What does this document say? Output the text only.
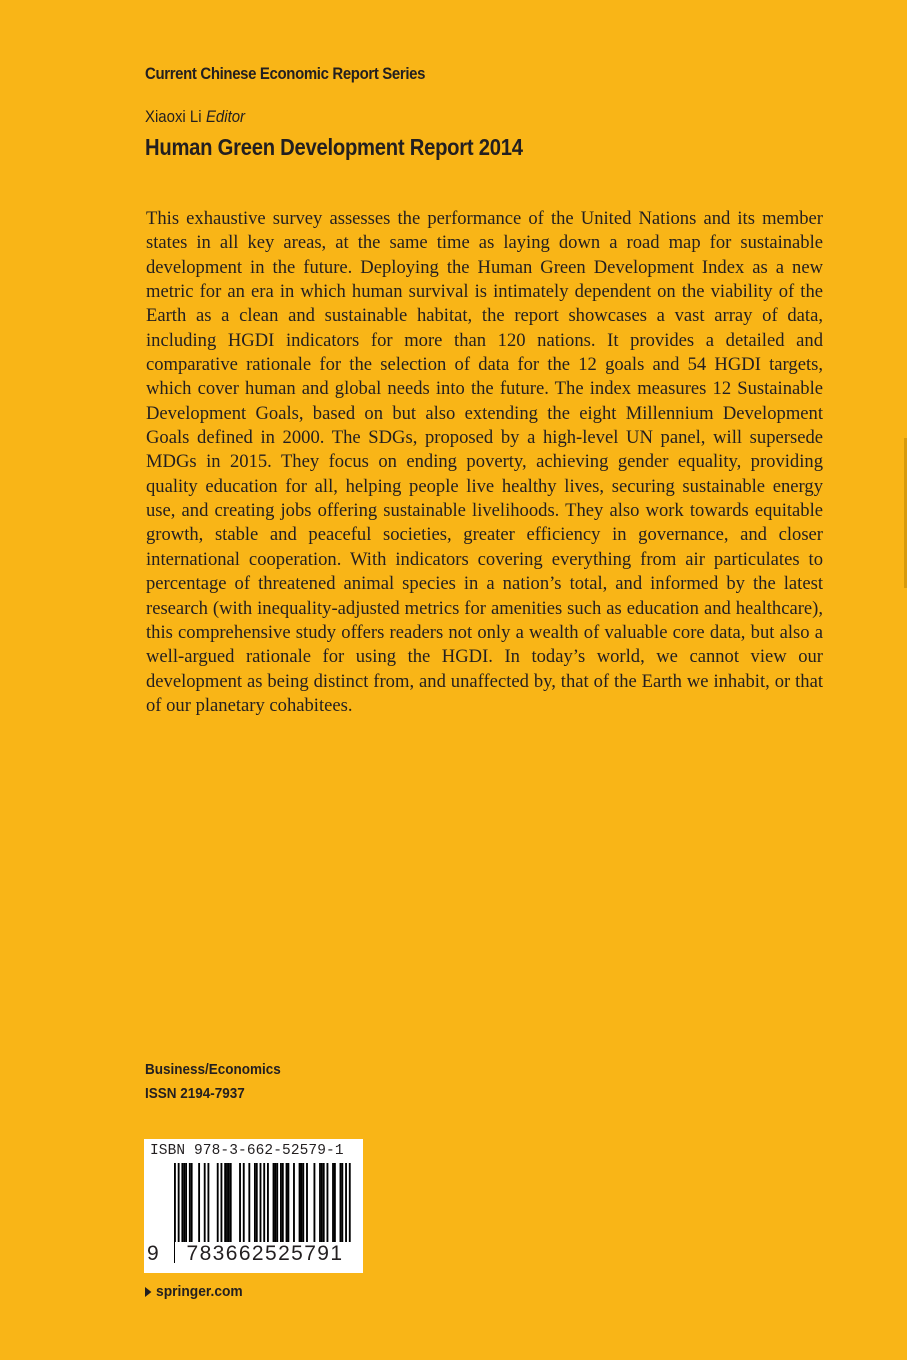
Current Chinese Economic Report Series
Xiaoxi Li Editor
Human Green Development Report 2014

This exhaustive survey assesses the performance of the United Nations and its member states in all key areas, at the same time as laying down a road map for sustainable development in the future. Deploying the Human Green Development Index as a new metric for an era in which human survival is intimately dependent on the viability of the Earth as a clean and sustainable habitat, the report showcases a vast array of data, including HGDI indicators for more than 120 nations. It provides a detailed and comparative rationale for the selection of data for the 12 goals and 54 HGDI targets, which cover human and global needs into the future. The index measures 12 Sustainable Development Goals, based on but also extending the eight Millennium Development Goals defined in 2000. The SDGs, proposed by a high-level UN panel, will supersede MDGs in 2015. They focus on ending poverty, achieving gender equality, providing quality education for all, helping people live healthy lives, securing sustainable energy use, and creating jobs offering sustainable livelihoods. They also work towards equitable growth, stable and peaceful societies, greater efficiency in governance, and closer international cooperation. With indicators covering everything from air particulates to percentage of threatened animal species in a nation’s total, and informed by the latest research (with inequality-adjusted metrics for amenities such as education and healthcare), this comprehensive study offers readers not only a wealth of valuable core data, but also a well-argued rationale for using the HGDI. In today’s world, we cannot view our development as being distinct from, and unaffected by, that of the Earth we inhabit, or that of our planetary cohabitees.

Business/Economics
ISSN 2194-7937
ISBN 978-3-662-52579-1
9	783662525791
springer.com
